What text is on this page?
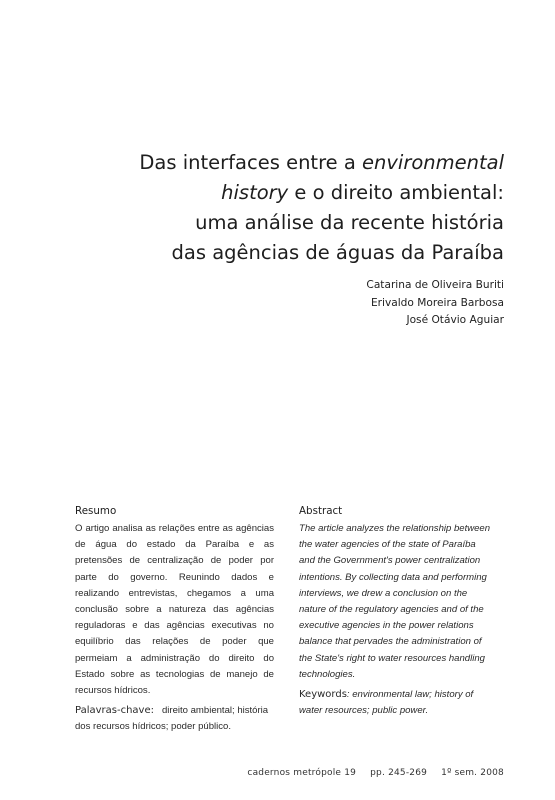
Das interfaces entre a environmental
history e o direito ambiental:
uma análise da recente história
das agências de águas da Paraíba
Catarina de Oliveira Buriti
Erivaldo Moreira Barbosa
José Otávio Aguiar
Resumo

O artigo analisa as relações entre as agências de água do estado da Paraíba e as pretensões de centralização de poder por parte do governo. Reunindo dados e realizando entrevistas, chegamos a uma conclusão sobre a natureza das agências reguladoras e das agências executivas no equilíbrio das relações de poder que permeiam a administração do direito do Estado sobre as tecnologias de manejo de recursos hídricos.

Palavras-chave: direito ambiental; história dos recursos hídricos; poder público.
Abstract

The article analyzes the relationship between
the water agencies of the state of Paraíba
and the Government's power centralization
intentions. By collecting data and performing
interviews, we drew a conclusion on the
nature of the regulatory agencies and of the
executive agencies in the power relations
balance that pervades the administration of
the State's right to water resources handling
technologies.

Keywords: environmental law; history of
water resources; public power.
cadernos metrópole 19 pp. 245-269 1º sem. 2008
